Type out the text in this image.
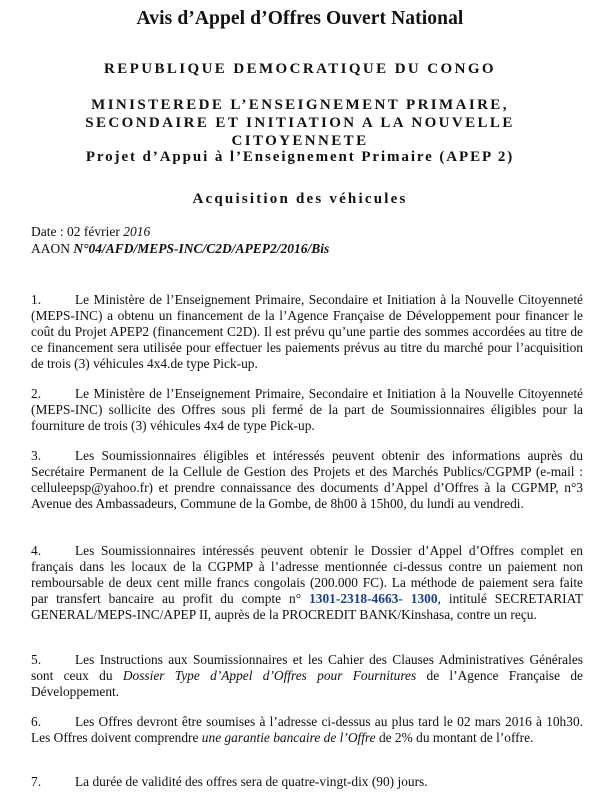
Avis d’Appel d’Offres Ouvert National
REPUBLIQUE DEMOCRATIQUE DU CONGO
MINISTEREDE L’ENSEIGNEMENT PRIMAIRE,
SECONDAIRE ET INITIATION A LA NOUVELLE
CITOYENNETE
Projet d’Appui à l’Enseignement Primaire (APEP 2)
Acquisition des véhicules
Date : 02 février 2016
AAON N°04/AFD/MEPS-INC/C2D/APEP2/2016/Bis
1.	Le Ministère de l’Enseignement Primaire, Secondaire et Initiation à la Nouvelle Citoyenneté (MEPS-INC) a obtenu un financement de la l’Agence Française de Développement pour financer le coût du Projet APEP2 (financement C2D). Il est prévu qu’une partie des sommes accordées au titre de ce financement sera utilisée pour effectuer les paiements prévus au titre du marché pour l’acquisition de trois (3) véhicules 4x4.de type Pick-up.
2.	Le Ministère de l’Enseignement Primaire, Secondaire et Initiation à la Nouvelle Citoyenneté (MEPS-INC) sollicite des Offres sous pli fermé de la part de Soumissionnaires éligibles pour la fourniture de trois (3) véhicules 4x4 de type Pick-up.
3.	Les Soumissionnaires éligibles et intéressés peuvent obtenir des informations auprès du Secrétaire Permanent de la Cellule de Gestion des Projets et des Marchés Publics/CGPMP (e-mail : celluleepsp@yahoo.fr) et prendre connaissance des documents d’Appel d’Offres à la CGPMP, n°3 Avenue des Ambassadeurs, Commune de la Gombe, de 8h00 à 15h00, du lundi au vendredi.
4.	Les Soumissionnaires intéressés peuvent obtenir le Dossier d’Appel d’Offres complet en français dans les locaux de la CGPMP à l’adresse mentionnée ci-dessus contre un paiement non remboursable de deux cent mille francs congolais (200.000 FC). La méthode de paiement sera faite par transfert bancaire au profit du compte n° 1301-2318-4663- 1300, intitulé SECRETARIAT GENERAL/MEPS-INC/APEP II, auprès de la PROCREDIT BANK/Kinshasa, contre un reçu.
5.	Les Instructions aux Soumissionnaires et les Cahier des Clauses Administratives Générales sont ceux du Dossier Type d’Appel d’Offres pour Fournitures de l’Agence Française de Développement.
6.	Les Offres devront être soumises à l’adresse ci-dessus au plus tard le 02 mars 2016 à 10h30. Les Offres doivent comprendre une garantie bancaire de l’Offre de 2% du montant de l’offre.
7.	La durée de validité des offres sera de quatre-vingt-dix (90) jours.
